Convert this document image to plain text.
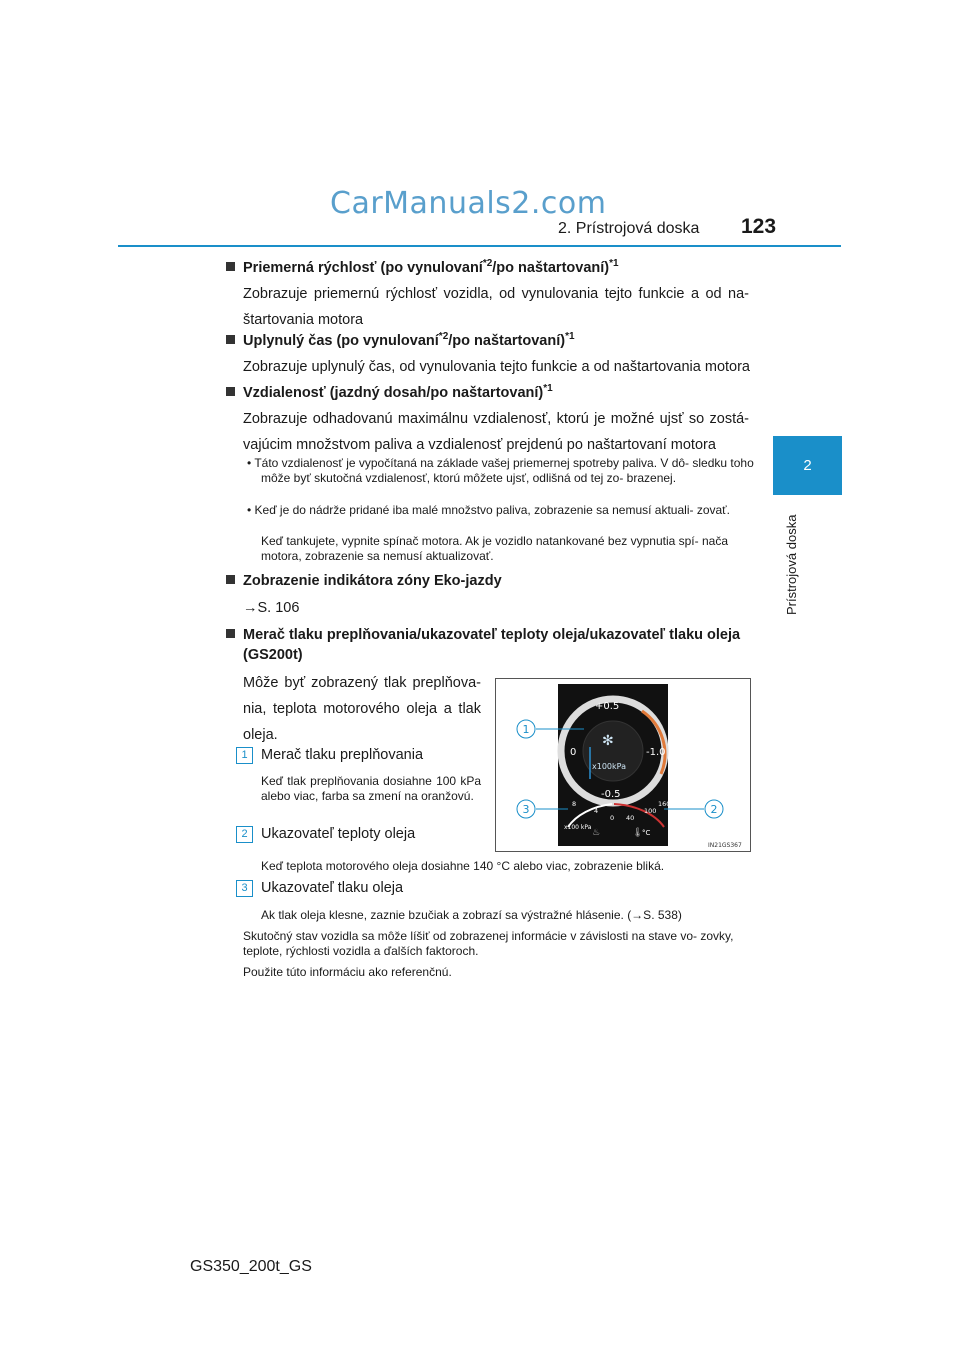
CarManuals2.com
2. Prístrojová doska 123
2
Prístrojová doska
Priemerná rýchlosť (po vynulovaní$^{*2}$/po naštartovaní)$^{*1}$
Zobrazuje priemernú rýchlosť vozidla, od vynulovania tejto funkcie a od na- štartovania motora
Uplynulý čas (po vynulovaní$^{*2}$/po naštartovaní)$^{*1}$
Zobrazuje uplynulý čas, od vynulovania tejto funkcie a od naštartovania motora
Vzdialenosť (jazdný dosah/po naštartovaní)$^{*1}$
Zobrazuje odhadovanú maximálnu vzdialenosť, ktorú je možné ujsť so zostá- vajúcim množstvom paliva a vzdialenosť prejdenú po naštartovaní motora
• Táto vzdialenosť je vypočítaná na základe vašej priemernej spotreby paliva. V dô- sledku toho môže byť skutočná vzdialenosť, ktorú môžete ujsť, odlišná od tej zo- brazenej.
• Keď je do nádrže pridané iba malé množstvo paliva, zobrazenie sa nemusí aktuali- zovať.
Keď tankujete, vypnite spínač motora. Ak je vozidlo natankované bez vypnutia spí- nača motora, zobrazenie sa nemusí aktualizovať.
Zobrazenie indikátora zóny Eko-jazdy
→S. 106
Merač tlaku preplňovania/ukazovateľ teploty oleja/ukazovateľ tlaku oleja
(GS200t)
Môže byť zobrazený tlak preplňova- nia, teplota motorového oleja a tlak oleja.
1 Merač tlaku preplňovania
Keď tlak preplňovania dosiahne 100 kPa alebo viac, farba sa zmení na oranžovú.
2 Ukazovateľ teploty oleja
Keď teplota motorového oleja dosiahne 140 °C alebo viac, zobrazenie bliká.
3 Ukazovateľ tlaku oleja
Ak tlak oleja klesne, zaznie bzučiak a zobrazí sa výstražné hlásenie. (→S. 538)
Skutočný stav vozidla sa môže líšiť od zobrazenej informácie v závislosti na stave vo- zovky, teplote, rýchlosti vozidla a ďalších faktoroch.
Použite túto informáciu ako referenčnú.
✻
+0.5
0	-1.0
-0.5
x100kPa
8
4
0 40
100
160
x100 kPa
°C
♨	🌡
1
3	2
IN21GS367
GS350_200t_GS
